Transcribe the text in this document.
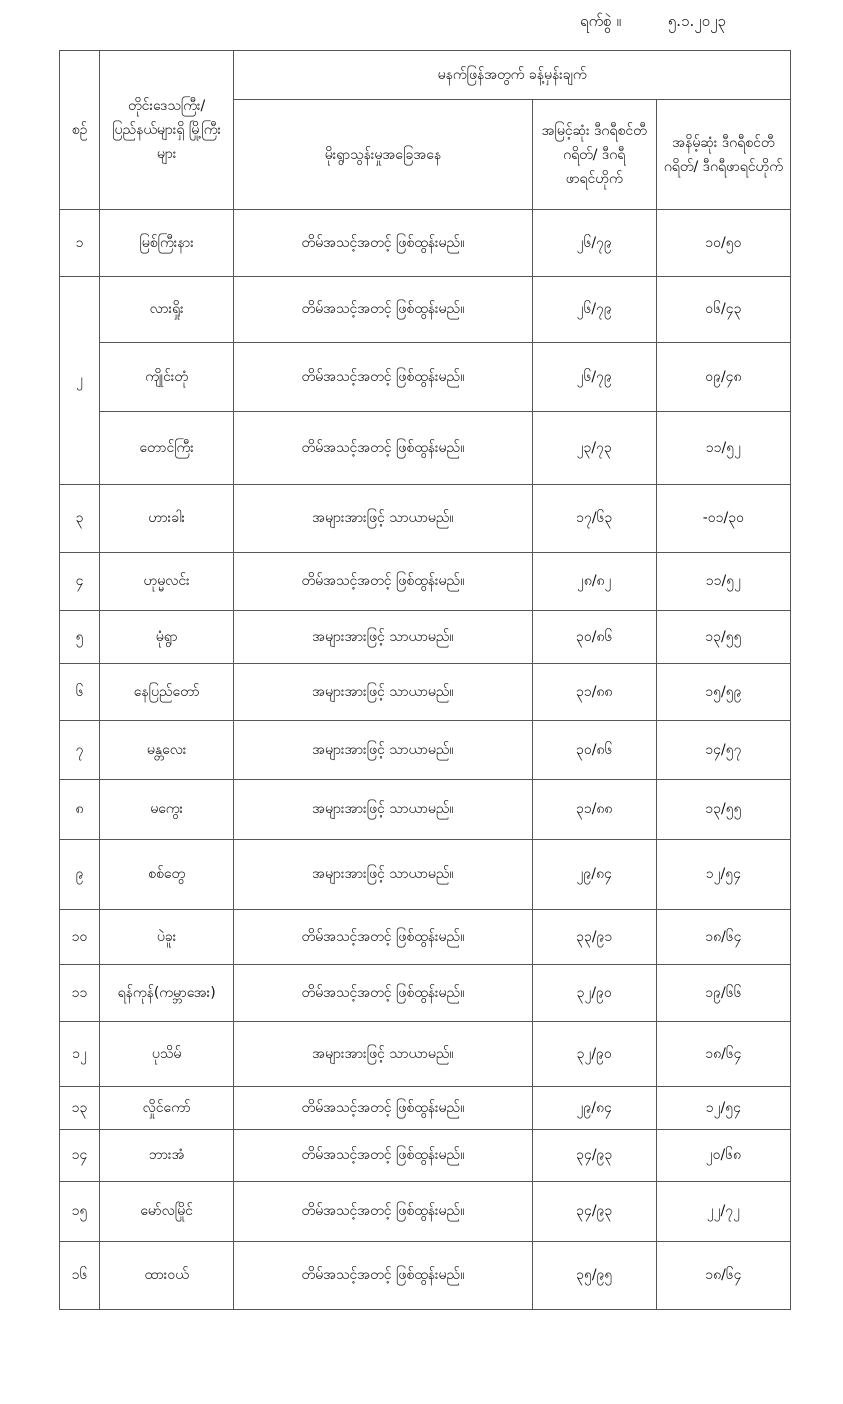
ရက်စွဲ ။	၅.၁.၂၀၂၃
စဉ်	တိုင်းဒေသကြီး/ ပြည်နယ်များရှိ မြို့ကြီးများ	မနက်ဖြန်အတွက် ခန့်မှန်းချက်		
		မိုးရွာသွန်းမှုအခြေအနေ	အမြင့်ဆုံး ဒီဂရီစင်တီဂရိတ်/ ဒီဂရီဖာရင်ဟိုက်	အနိမ့်ဆုံး ဒီဂရီစင်တီဂရိတ်/ ဒီဂရီဖာရင်ဟိုက်
၁	မြစ်ကြီးနား	တိမ်အသင့်အတင့် ဖြစ်ထွန်းမည်။	၂၆/၇၉	၁၀/၅၀
၂	လားရှိုး	တိမ်အသင့်အတင့် ဖြစ်ထွန်းမည်။	၂၆/၇၉	၀၆/၄၃
	ကျိုင်းတုံ	တိမ်အသင့်အတင့် ဖြစ်ထွန်းမည်။	၂၆/၇၉	၀၉/၄၈
	တောင်ကြီး	တိမ်အသင့်အတင့် ဖြစ်ထွန်းမည်။	၂၃/၇၃	၁၁/၅၂
၃	ဟားခါး	အများအားဖြင့် သာယာမည်။	၁၇/၆၃	-၀၁/၃၀
၄	ဟုမ္မလင်း	တိမ်အသင့်အတင့် ဖြစ်ထွန်းမည်။	၂၈/၈၂	၁၁/၅၂
၅	မုံရွာ	အများအားဖြင့် သာယာမည်။	၃၀/၈၆	၁၃/၅၅
၆	နေပြည်တော်	အများအားဖြင့် သာယာမည်။	၃၁/၈၈	၁၅/၅၉
၇	မန္တလေး	အများအားဖြင့် သာယာမည်။	၃၀/၈၆	၁၄/၅၇
၈	မကွေး	အများအားဖြင့် သာယာမည်။	၃၁/၈၈	၁၃/၅၅
၉	စစ်တွေ	အများအားဖြင့် သာယာမည်။	၂၉/၈၄	၁၂/၅၄
၁၀	ပဲခူး	တိမ်အသင့်အတင့် ဖြစ်ထွန်းမည်။	၃၃/၉၁	၁၈/၆၄
၁၁	ရန်ကုန်(ကမ္ဘာအေး)	တိမ်အသင့်အတင့် ဖြစ်ထွန်းမည်။	၃၂/၉၀	၁၉/၆၆
၁၂	ပုသိမ်	အများအားဖြင့် သာယာမည်။	၃၂/၉၀	၁၈/၆၄
၁၃	လှိုင်ကော်	တိမ်အသင့်အတင့် ဖြစ်ထွန်းမည်။	၂၉/၈၄	၁၂/၅၄
၁၄	ဘားအံ	တိမ်အသင့်အတင့် ဖြစ်ထွန်းမည်။	၃၄/၉၃	၂၀/၆၈
၁၅	မော်လမြိုင်	တိမ်အသင့်အတင့် ဖြစ်ထွန်းမည်။	၃၄/၉၃	၂၂/၇၂
၁၆	ထားဝယ်	တိမ်အသင့်အတင့် ဖြစ်ထွန်းမည်။	၃၅/၉၅	၁၈/၆၄
